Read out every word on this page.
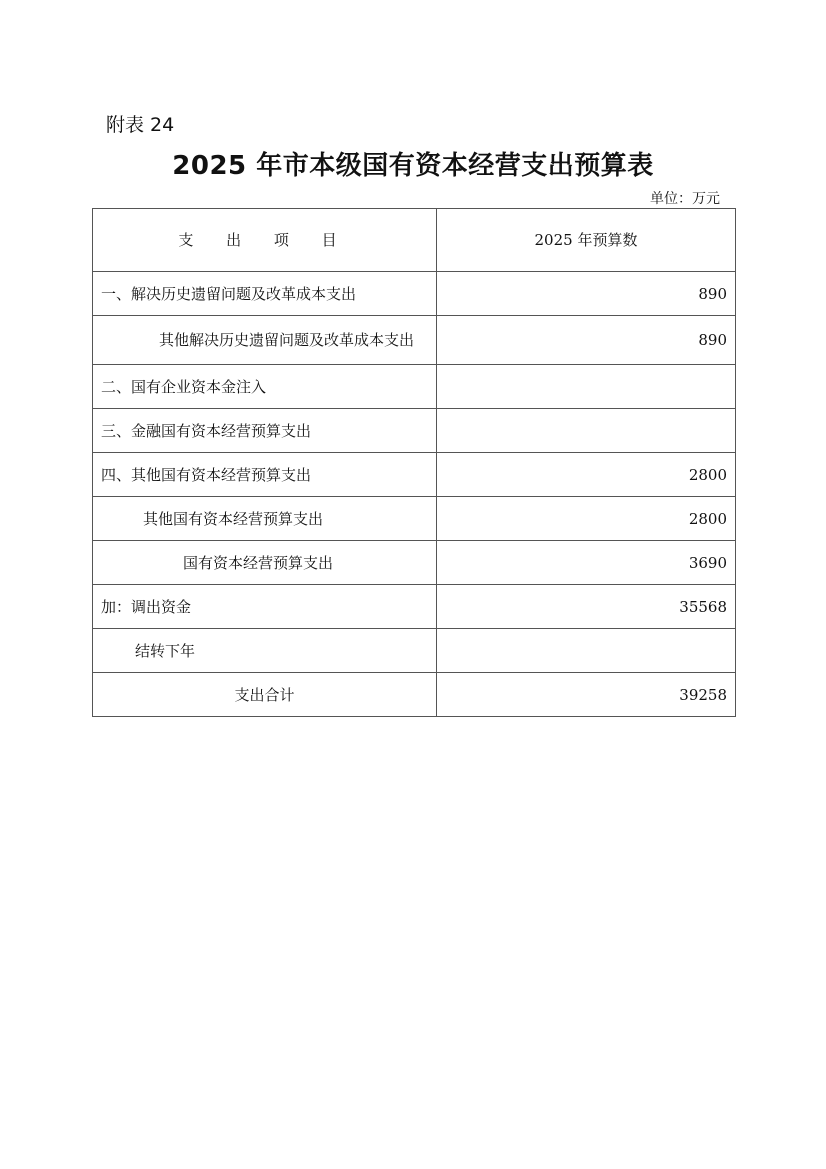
附表 24
2025 年市本级国有资本经营支出预算表
单位：万元
支 出 项 目	2025 年预算数
一、解决历史遗留问题及改革成本支出	890
其他解决历史遗留问题及改革成本支出	890
二、国有企业资本金注入	
三、金融国有资本经营预算支出	
四、其他国有资本经营预算支出	2800
其他国有资本经营预算支出	2800
国有资本经营预算支出	3690
加：调出资金	35568
结转下年	
支出合计	39258
